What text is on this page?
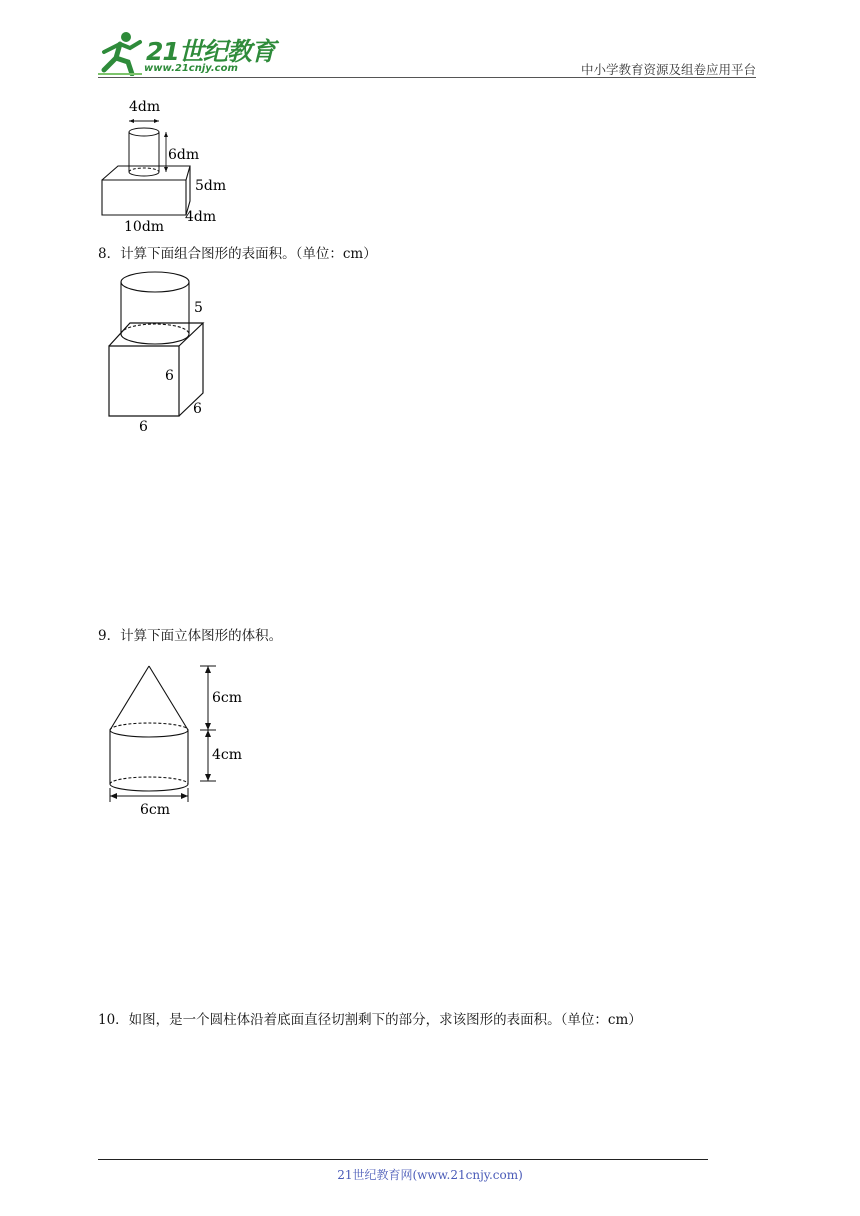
21世纪教育
www.21cnjy.com	中小学教育资源及组卷应用平台
4dm
6dm
5dm
4dm
10dm
8．计算下面组合图形的表面积。（单位：cm）
5
6
6
6
9．计算下面立体图形的体积。
6cm
4cm
6cm
10．如图，是一个圆柱体沿着底面直径切割剩下的部分，求该图形的表面积。（单位：cm）
21世纪教育网(www.21cnjy.com)
